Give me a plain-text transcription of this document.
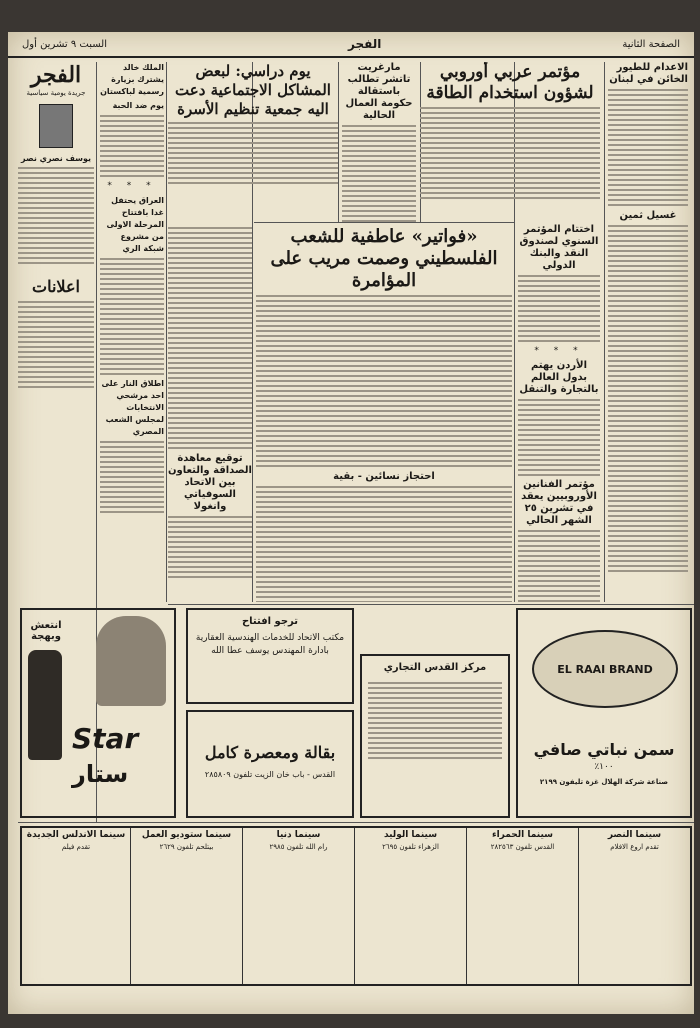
الصفحة الثانية
الفجر
السبت ٩ تشرين أول
الاعدام للطيور الخائن في لبنان
غسيل ثمين
مؤتمر عربي أوروبي لشؤون استخدام الطاقة
اختتام المؤتمر السنوي لصندوق النقد والبنك الدولي
* * *
الأردن يهتم بدول العالم بالتجارة والتنقل
مؤتمر الفنانين الأوروبيين يعقد في تشرين ٢٥ الشهر الحالي
مارغريت تاتشر تطالب باستقالة حكومة العمال الحالية
يوم دراسي: لبعض المشاكل الاجتماعية دعت اليه جمعية تنظيم الأسرة
توقيع معاهدة الصداقة والتعاون بين الاتحاد السوفياتي وانغولا
«فواتير» عاطفية للشعب الفلسطيني وصمت مريب على المؤامرة
احتجاز نسائين - بقية
الملك خالد يشترك بزيارة رسمية لباكستان
يوم ضد الحبة
* * *
العراق يحتفل غدا بافتتاح المرحلة الاولى من مشروع شبكة الري
اطلاق النار على احد مرشحي الانتخابات لمجلس الشعب المصري
الفجر
جريدة يومية سياسية
يوسف نصري نصر
اعلانات
انتعش وبهجة
Star
ستار
ترجو افتتاح
مكتب الاتحاد للخدمات الهندسية العقارية بادارة المهندس يوسف عطا الله
بقالة ومعصرة كامل
القدس - باب خان الزيت تلفون ٢٨٥٨٠٩
مركز القدس التجاري	EL RAAI BRAND
سمن نباتي صافي
١٠٠٪
صناعة شركة الهلال غزة تليفون ٢١٩٩
سينما النصر
تقدم اروع الافلام
سينما الحمراء
القدس تلفون ٢٨٢٥٦٣
سينما الوليد
الزهراء تلفون ٢٦٩٥
سينما دنيا
رام الله تلفون ٢٩٨٥
سينما ستوديو العمل
بيتلحم تلفون ٢٦٢٩
سينما الاندلس الجديدة
تقدم فيلم
